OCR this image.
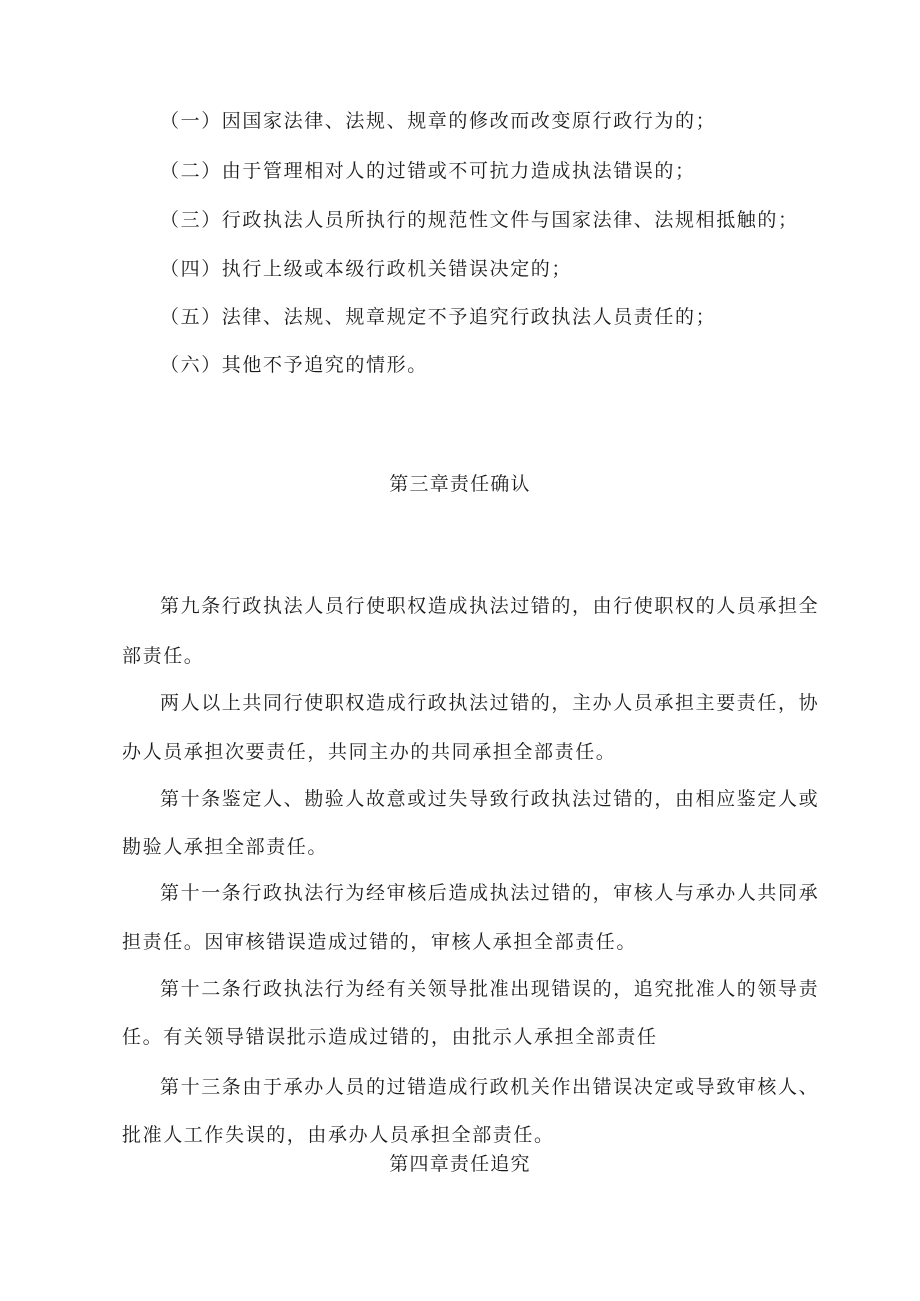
（一）因国家法律、法规、规章的修改而改变原行政行为的；
（二）由于管理相对人的过错或不可抗力造成执法错误的；
（三）行政执法人员所执行的规范性文件与国家法律、法规相抵触的；
（四）执行上级或本级行政机关错误决定的；
（五）法律、法规、规章规定不予追究行政执法人员责任的；
（六）其他不予追究的情形。
第三章责任确认
第九条行政执法人员行使职权造成执法过错的，由行使职权的人员承担全
部责任。
两人以上共同行使职权造成行政执法过错的，主办人员承担主要责任，协
办人员承担次要责任，共同主办的共同承担全部责任。
第十条鉴定人、勘验人故意或过失导致行政执法过错的，由相应鉴定人或
勘验人承担全部责任。
第十一条行政执法行为经审核后造成执法过错的，审核人与承办人共同承
担责任。因审核错误造成过错的，审核人承担全部责任。
第十二条行政执法行为经有关领导批准出现错误的，追究批准人的领导责
任。有关领导错误批示造成过错的，由批示人承担全部责任
第十三条由于承办人员的过错造成行政机关作出错误决定或导致审核人、
批准人工作失误的，由承办人员承担全部责任。
第四章责任追究
